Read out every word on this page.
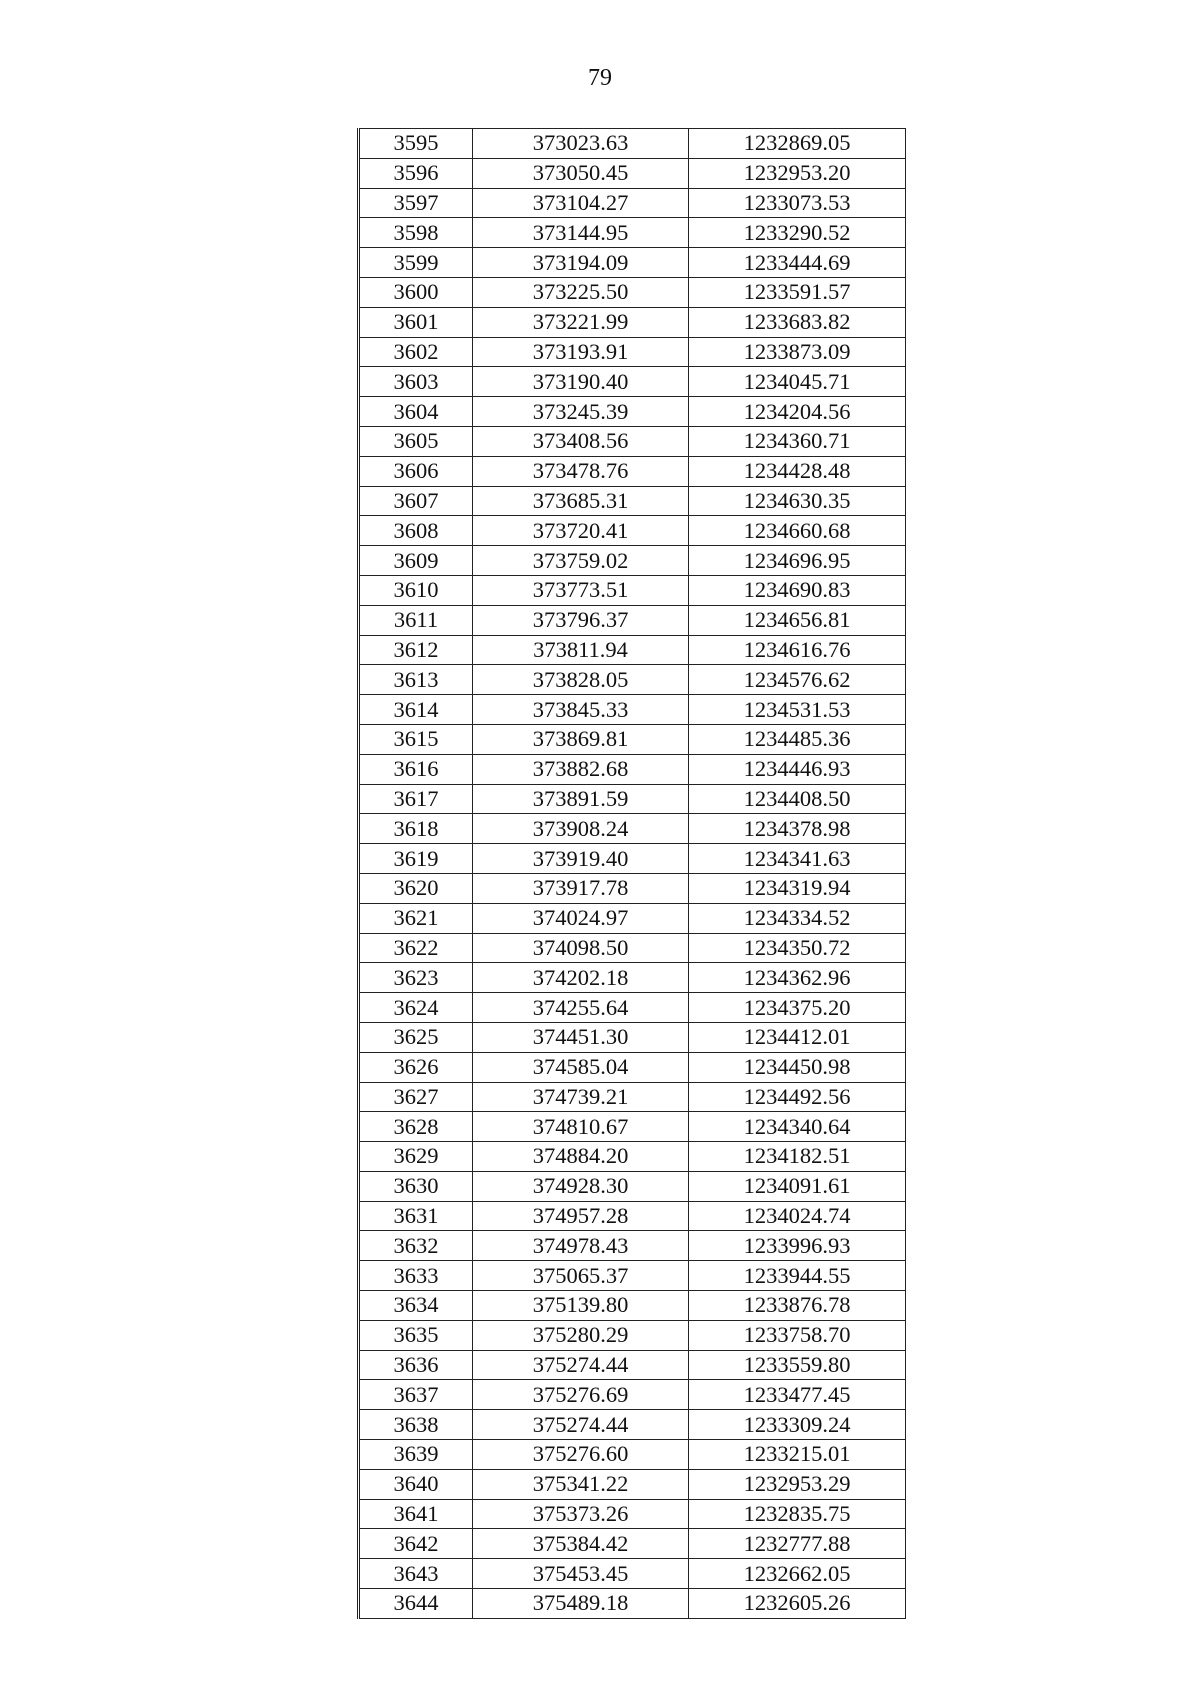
79
3595	373023.63	1232869.05
3596	373050.45	1232953.20
3597	373104.27	1233073.53
3598	373144.95	1233290.52
3599	373194.09	1233444.69
3600	373225.50	1233591.57
3601	373221.99	1233683.82
3602	373193.91	1233873.09
3603	373190.40	1234045.71
3604	373245.39	1234204.56
3605	373408.56	1234360.71
3606	373478.76	1234428.48
3607	373685.31	1234630.35
3608	373720.41	1234660.68
3609	373759.02	1234696.95
3610	373773.51	1234690.83
3611	373796.37	1234656.81
3612	373811.94	1234616.76
3613	373828.05	1234576.62
3614	373845.33	1234531.53
3615	373869.81	1234485.36
3616	373882.68	1234446.93
3617	373891.59	1234408.50
3618	373908.24	1234378.98
3619	373919.40	1234341.63
3620	373917.78	1234319.94
3621	374024.97	1234334.52
3622	374098.50	1234350.72
3623	374202.18	1234362.96
3624	374255.64	1234375.20
3625	374451.30	1234412.01
3626	374585.04	1234450.98
3627	374739.21	1234492.56
3628	374810.67	1234340.64
3629	374884.20	1234182.51
3630	374928.30	1234091.61
3631	374957.28	1234024.74
3632	374978.43	1233996.93
3633	375065.37	1233944.55
3634	375139.80	1233876.78
3635	375280.29	1233758.70
3636	375274.44	1233559.80
3637	375276.69	1233477.45
3638	375274.44	1233309.24
3639	375276.60	1233215.01
3640	375341.22	1232953.29
3641	375373.26	1232835.75
3642	375384.42	1232777.88
3643	375453.45	1232662.05
3644	375489.18	1232605.26
